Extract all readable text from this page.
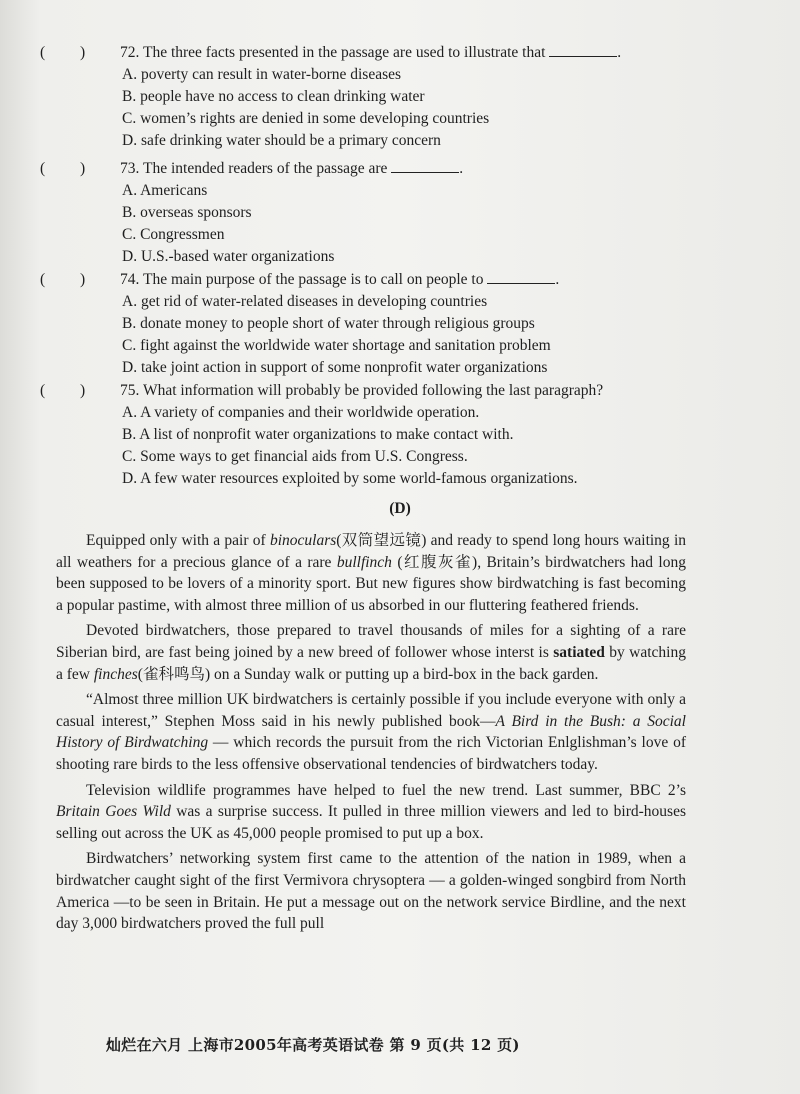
( ) 72. The three facts presented in the passage are used to illustrate that	.
A. poverty can result in water-borne diseases
B. people have no access to clean drinking water
C. women’s rights are denied in some developing countries
D. safe drinking water should be a primary concern
( ) 73. The intended readers of the passage are	.
A. Americans
B. overseas sponsors
C. Congressmen
D. U.S.-based water organizations
( ) 74. The main purpose of the passage is to call on people to	.
A. get rid of water-related diseases in developing countries
B. donate money to people short of water through religious groups
C. fight against the worldwide water shortage and sanitation problem
D. take joint action in support of some nonprofit water organizations
( ) 75. What information will probably be provided following the last paragraph?
A. A variety of companies and their worldwide operation.
B. A list of nonprofit water organizations to make contact with.
C. Some ways to get financial aids from U.S. Congress.
D. A few water resources exploited by some world-famous organizations.
(D)

Equipped only with a pair of binoculars(双筒望远镜) and ready to spend long hours waiting in all weathers for a precious glance of a rare bullfinch (红腹灰雀), Britain’s birdwatchers had long been supposed to be lovers of a minority sport. But new figures show birdwatching is fast becoming a popular pastime, with almost three million of us absorbed in our fluttering feathered friends.

Devoted birdwatchers, those prepared to travel thousands of miles for a sighting of a rare Siberian bird, are fast being joined by a new breed of follower whose interst is satiated by watching a few finches(雀科鸣鸟) on a Sunday walk or putting up a bird-box in the back garden.

“Almost three million UK birdwatchers is certainly possible if you include everyone with only a casual interest,” Stephen Moss said in his newly published book—A Bird in the Bush: a Social History of Birdwatching — which records the pursuit from the rich Victorian Enlglishman’s love of shooting rare birds to the less offensive observational tendencies of birdwatchers today.

Television wildlife programmes have helped to fuel the new trend. Last summer, BBC 2’s Britain Goes Wild was a surprise success. It pulled in three million viewers and led to bird-houses selling out across the UK as 45,000 people promised to put up a box.

Birdwatchers’ networking system first came to the attention of the nation in 1989, when a birdwatcher caught sight of the first Vermivora chrysoptera — a golden-winged songbird from North America —to be seen in Britain. He put a message out on the network service Birdline, and the next day 3,000 birdwatchers proved the full pull

灿烂在六月 上海市2005年高考英语试卷 第 9 页(共 12 页)
